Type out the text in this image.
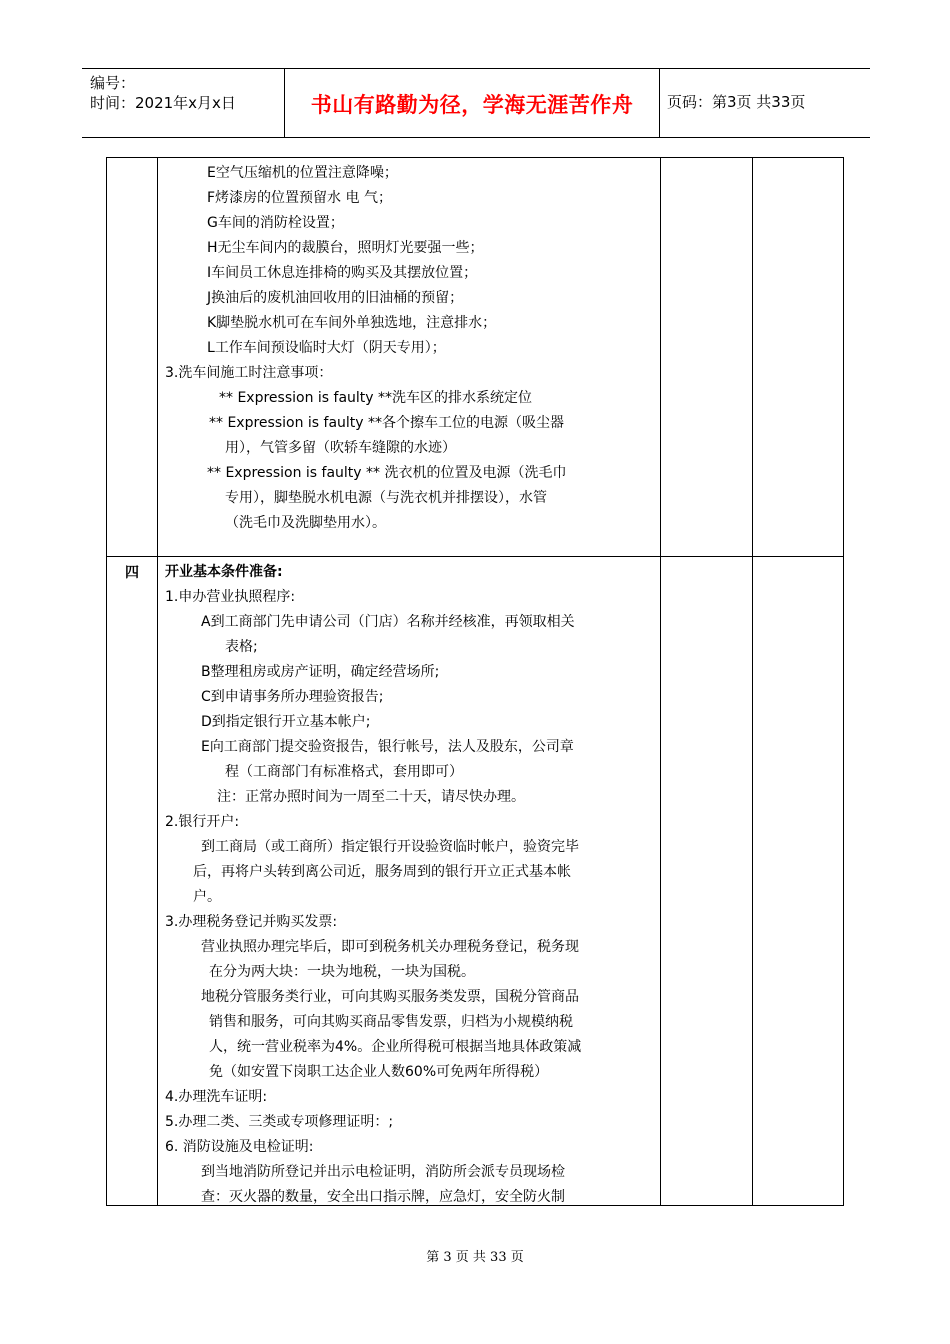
编号：
时间：2021年x月x日	书山有路勤为径，学海无涯苦作舟	页码：第3页 共33页
E空气压缩机的位置注意降噪；
F烤漆房的位置预留水 电 气；
G车间的消防栓设置；
H无尘车间内的裁膜台，照明灯光要强一些；
I车间员工休息连排椅的购买及其摆放位置；
J换油后的废机油回收用的旧油桶的预留；
K脚垫脱水机可在车间外单独选地，注意排水；
L工作车间预设临时大灯（阴天专用）；
3.洗车间施工时注意事项：
** Expression is faulty **洗车区的排水系统定位
** Expression is faulty **各个擦车工位的电源（吸尘器
用），气管多留（吹轿车缝隙的水迹）
** Expression is faulty ** 洗衣机的位置及电源（洗毛巾
专用），脚垫脱水机电源（与洗衣机并排摆设），水管
（洗毛巾及洗脚垫用水）。
四	开业基本条件准备:
1.申办营业执照程序:
A到工商部门先申请公司（门店）名称并经核准，再领取相关
表格;
B整理租房或房产证明，确定经营场所;
C到申请事务所办理验资报告;
D到指定银行开立基本帐户;
E向工商部门提交验资报告，银行帐号，法人及股东，公司章
程（工商部门有标准格式，套用即可）
注：正常办照时间为一周至二十天，请尽快办理。
2.银行开户:
到工商局（或工商所）指定银行开设验资临时帐户，验资完毕
后，再将户头转到离公司近，服务周到的银行开立正式基本帐
户。
3.办理税务登记并购买发票:
营业执照办理完毕后，即可到税务机关办理税务登记，税务现
在分为两大块：一块为地税，一块为国税。
地税分管服务类行业，可向其购买服务类发票，国税分管商品
销售和服务，可向其购买商品零售发票，归档为小规模纳税
人，统一营业税率为4%。企业所得税可根据当地具体政策减
免（如安置下岗职工达企业人数60%可免两年所得税）
4.办理洗车证明:
5.办理二类、三类或专项修理证明：;
6. 消防设施及电检证明:
到当地消防所登记并出示电检证明，消防所会派专员现场检
查：灭火器的数量，安全出口指示牌，应急灯，安全防火制
第 3 页 共 33 页
